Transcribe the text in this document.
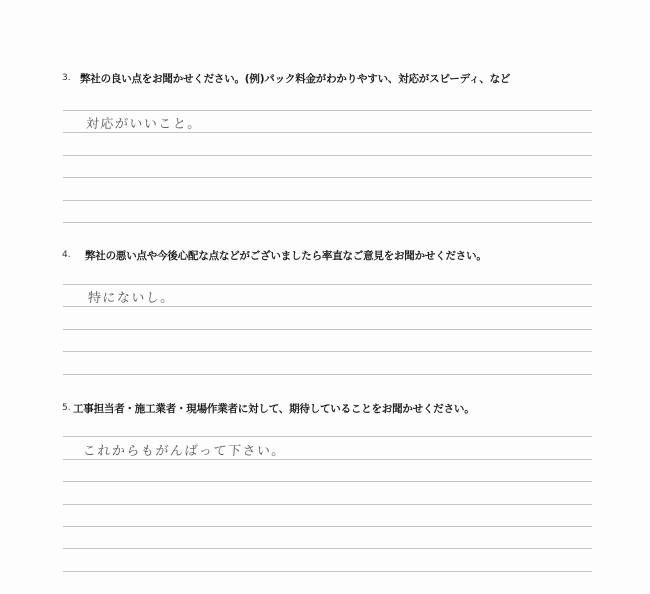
3. 弊社の良い点をお聞かせください。(例)パック料金がわかりやすい、対応がスピーディ、など
対応がいいこと。
4. 弊社の悪い点や今後心配な点などがございましたら率直なご意見をお聞かせください。
特にないし。
5. 工事担当者・施工業者・現場作業者に対して、期待していることをお聞かせください。
これからもがんばって下さい。
